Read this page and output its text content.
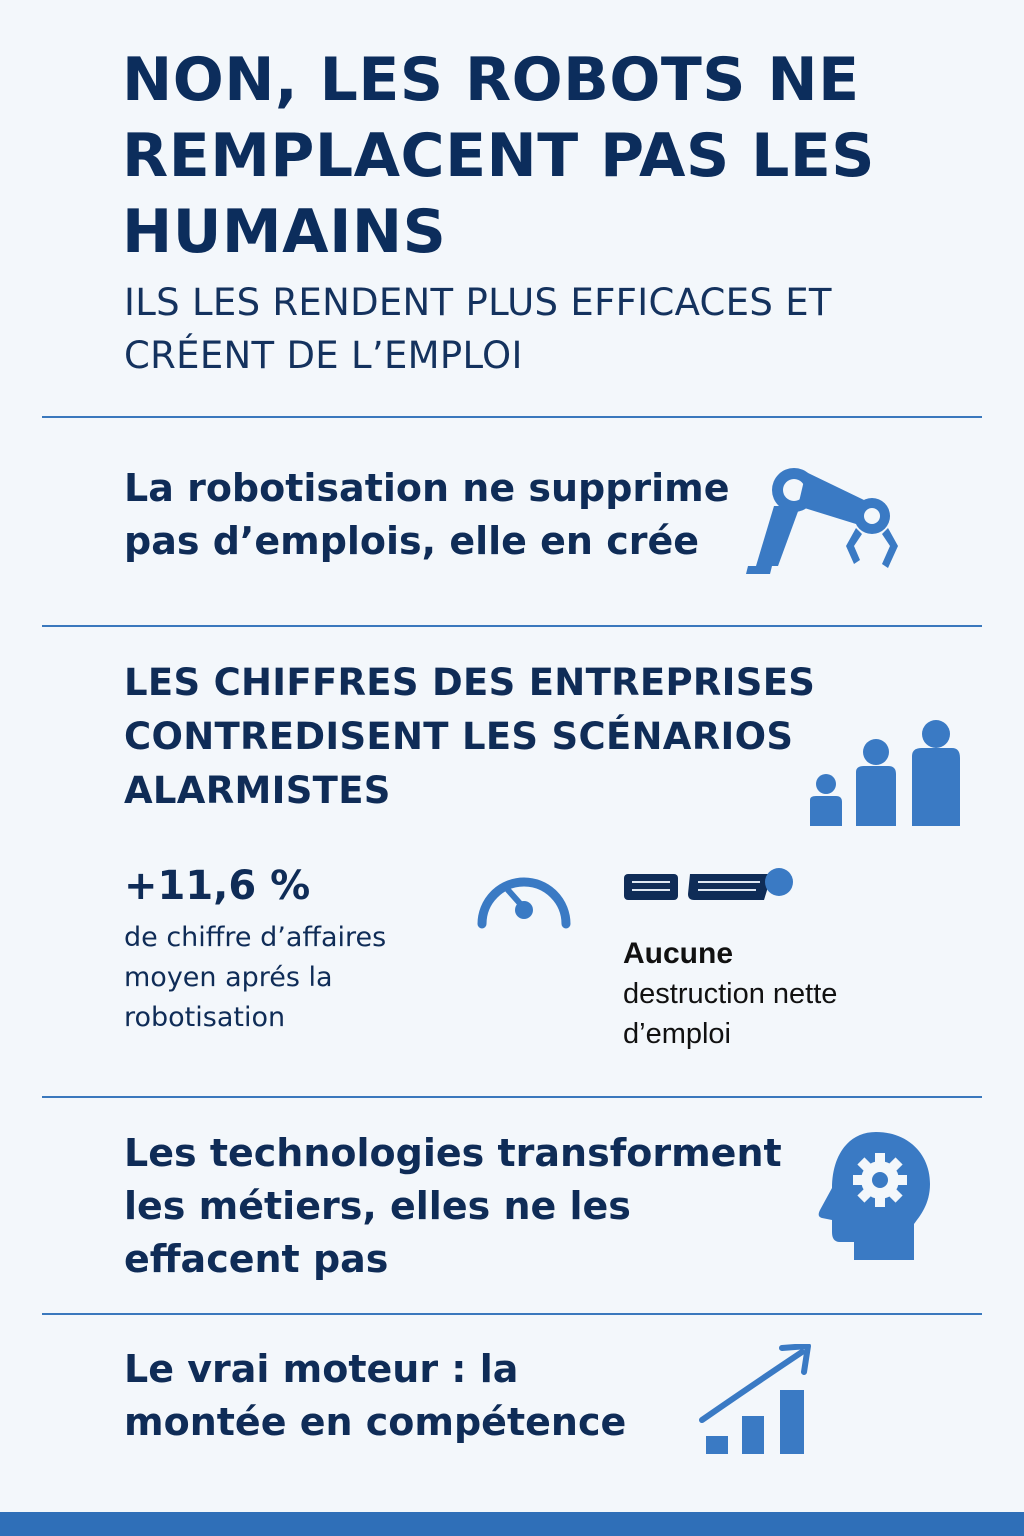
NON, LES ROBOTS NE REMPLACENT PAS LES HUMAINS
ILS LES RENDENT PLUS EFFICACES ET CRÉENT DE L’EMPLOI
La robotisation ne supprime pas d’emplois, elle en crée
LES CHIFFRES DES ENTREPRISES CONTREDISENT LES SCÉNARIOS ALARMISTES
+11,6 %
de chiffre d’affaires moyen aprés la robotisation
Aucune
destruction nette d’emploi
Les technologies transforment les métiers, elles ne les effacent pas
Le vrai moteur : la montée en compétence
